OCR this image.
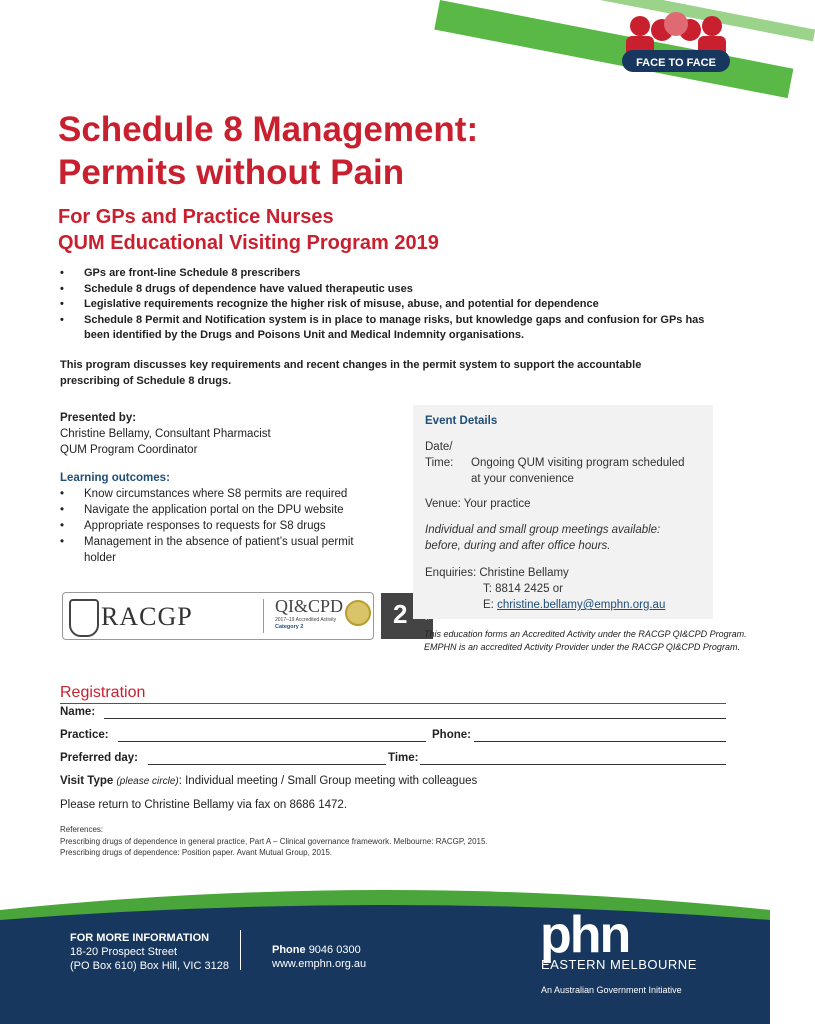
FACE TO FACE
Schedule 8 Management:
Permits without Pain
For GPs and Practice Nurses
QUM Educational Visiting Program 2019
• GPs are front-line Schedule 8 prescribers
• Schedule 8 drugs of dependence have valued therapeutic uses
• Legislative requirements recognize the higher risk of misuse, abuse, and potential for dependence
• Schedule 8 Permit and Notification system is in place to manage risks, but knowledge gaps and confusion for GPs has been identified by the Drugs and Poisons Unit and Medical Indemnity organisations.
This program discusses key requirements and recent changes in the permit system to support the accountable prescribing of Schedule 8 drugs.
Presented by:
Christine Bellamy, Consultant Pharmacist
QUM Program Coordinator
Learning outcomes:
• Know circumstances where S8 permits are required
• Navigate the application portal on the DPU website
• Appropriate responses to requests for S8 drugs
• Management in the absence of patient’s usual permit holder
RACGP	QI&CPD
2017–19 Accredited Activity
Category 2	2
Event Details
Date/
Time: Ongoing QUM visiting program scheduled
at your convenience
Venue: Your practice
Individual and small group meetings available:
before, during and after office hours.
Enquiries: Christine Bellamy
T: 8814 2425 or
E: christine.bellamy@emphn.org.au
This education forms an Accredited Activity under the RACGP QI&CPD Program. EMPHN is an accredited Activity Provider under the RACGP QI&CPD Program.
Registration
Name:
Practice:	Phone:
Preferred day:	Time:
Visit Type (please circle): Individual meeting / Small Group meeting with colleagues
Please return to Christine Bellamy via fax on 8686 1472.
References:
Prescribing drugs of dependence in general practice, Part A – Clinical governance framework. Melbourne: RACGP, 2015.
Prescribing drugs of dependence: Position paper. Avant Mutual Group, 2015.
FOR MORE INFORMATION
18-20 Prospect Street
(PO Box 610) Box Hill, VIC 3128
Phone 9046 0300
www.emphn.org.au	phn
EASTERN MELBOURNE
An Australian Government Initiative
